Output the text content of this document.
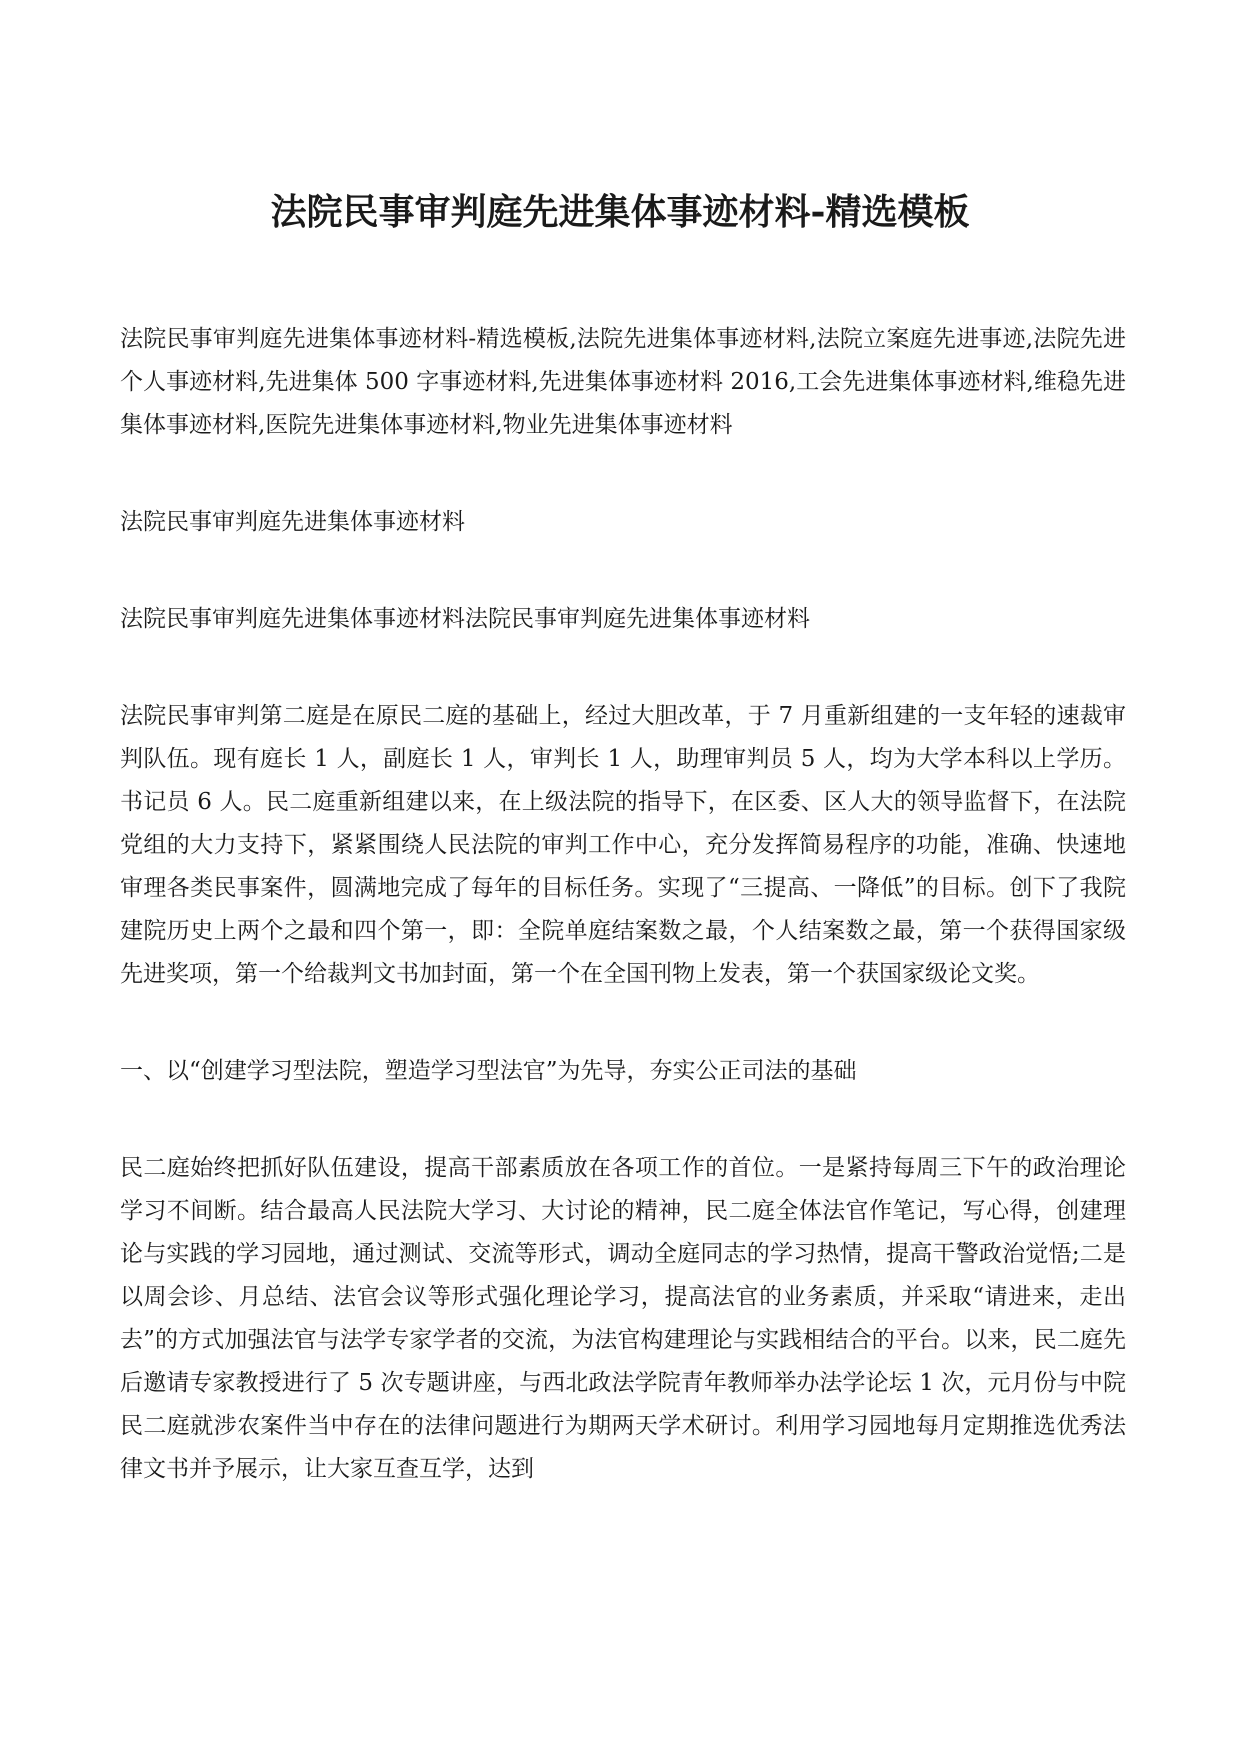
法院民事审判庭先进集体事迹材料-精选模板

法院民事审判庭先进集体事迹材料-精选模板,法院先进集体事迹材料,法院立案庭先进事迹,法院先进个人事迹材料,先进集体 500 字事迹材料,先进集体事迹材料 2016,工会先进集体事迹材料,维稳先进集体事迹材料,医院先进集体事迹材料,物业先进集体事迹材料

法院民事审判庭先进集体事迹材料

法院民事审判庭先进集体事迹材料法院民事审判庭先进集体事迹材料

法院民事审判第二庭是在原民二庭的基础上，经过大胆改革，于 7 月重新组建的一支年轻的速裁审判队伍。现有庭长 1 人，副庭长 1 人，审判长 1 人，助理审判员 5 人，均为大学本科以上学历。书记员 6 人。民二庭重新组建以来，在上级法院的指导下，在区委、区人大的领导监督下，在法院党组的大力支持下，紧紧围绕人民法院的审判工作中心，充分发挥简易程序的功能，准确、快速地审理各类民事案件，圆满地完成了每年的目标任务。实现了“三提高、一降低”的目标。创下了我院建院历史上两个之最和四个第一，即：全院单庭结案数之最，个人结案数之最，第一个获得国家级先进奖项，第一个给裁判文书加封面，第一个在全国刊物上发表，第一个获国家级论文奖。

一、以“创建学习型法院，塑造学习型法官”为先导，夯实公正司法的基础

民二庭始终把抓好队伍建设，提高干部素质放在各项工作的首位。一是紧持每周三下午的政治理论学习不间断。结合最高人民法院大学习、大讨论的精神，民二庭全体法官作笔记，写心得，创建理论与实践的学习园地，通过测试、交流等形式，调动全庭同志的学习热情，提高干警政治觉悟;二是以周会诊、月总结、法官会议等形式强化理论学习，提高法官的业务素质，并采取“请进来，走出去”的方式加强法官与法学专家学者的交流，为法官构建理论与实践相结合的平台。以来，民二庭先后邀请专家教授进行了 5 次专题讲座，与西北政法学院青年教师举办法学论坛 1 次，元月份与中院民二庭就涉农案件当中存在的法律问题进行为期两天学术研讨。利用学习园地每月定期推选优秀法律文书并予展示，让大家互查互学，达到
